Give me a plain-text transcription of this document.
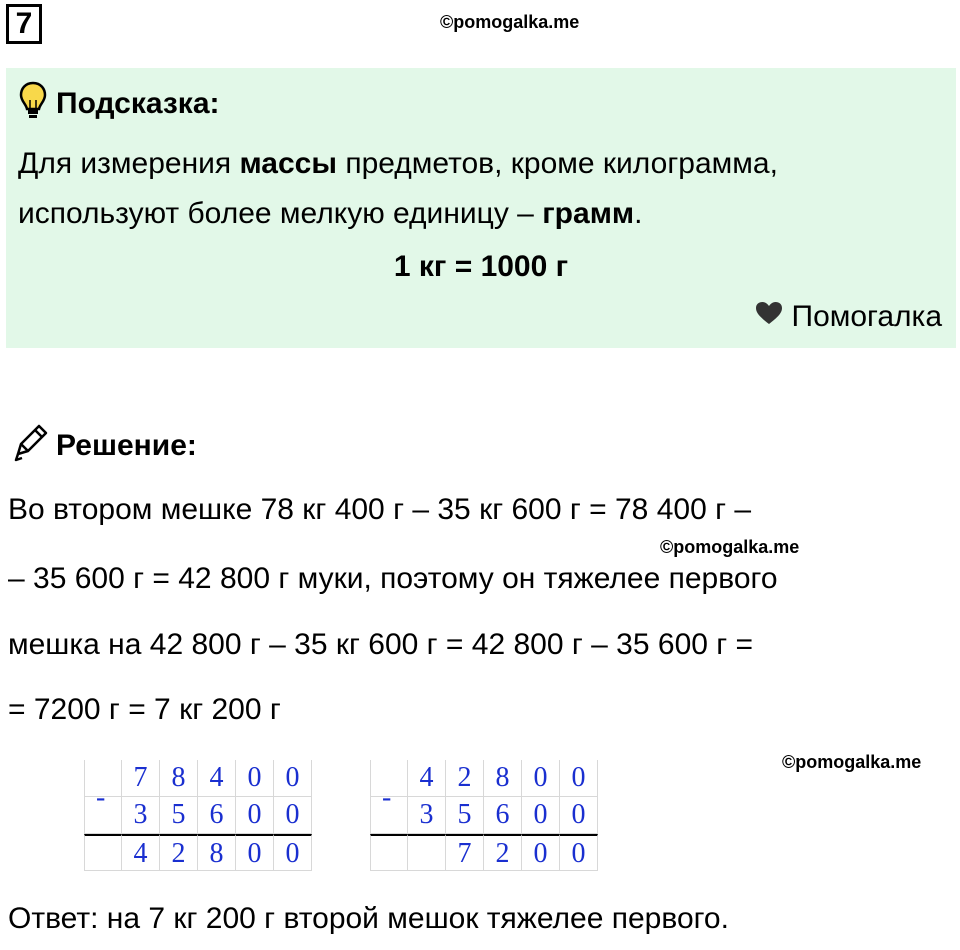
7	©pomogalka.me
Подсказка:
Для измерения массы предметов, кроме килограмма,
используют более мелкую единицу – грамм.
1 кг = 1000 г
Помогалка
Решение:
Во втором мешке 78 кг 400 г – 35 кг 600 г = 78 400 г –
©pomogalka.me
– 35 600 г = 42 800 г муки, поэтому он тяжелее первого
мешка на 42 800 г – 35 кг 600 г = 42 800 г – 35 600 г =
= 7200 г = 7 кг 200 г
©pomogalka.me
-
7 8 4 0 0
3 5 6 0 0
4 2 8 0 0
-
4 2 8 0 0
3 5 6 0 0
7 2 0 0
Ответ: на 7 кг 200 г второй мешок тяжелее первого.
